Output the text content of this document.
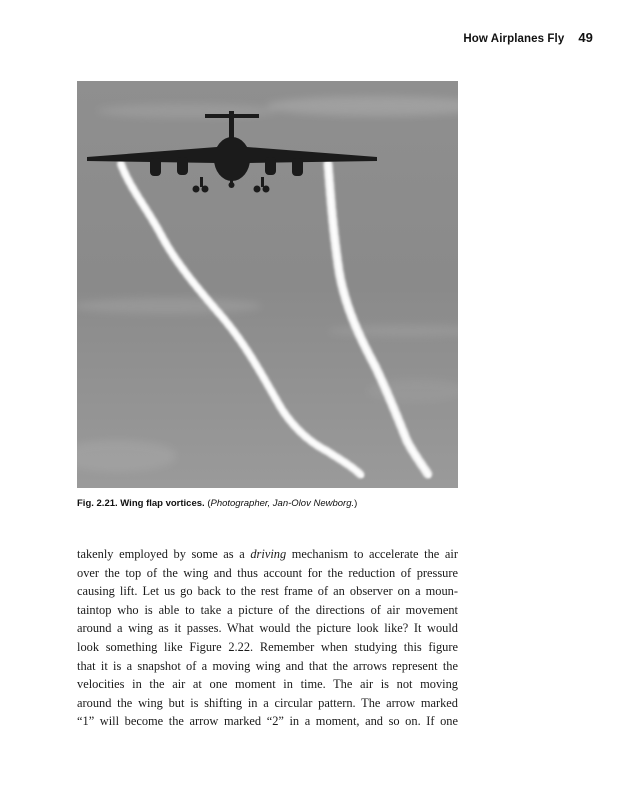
How Airplanes Fly 49
Fig. 2.21. Wing flap vortices. (Photographer, Jan-Olov Newborg.)
takenly employed by some as a driving mechanism to accelerate the air
over the top of the wing and thus account for the reduction of pressure
causing lift. Let us go back to the rest frame of an observer on a moun-
taintop who is able to take a picture of the directions of air movement
around a wing as it passes. What would the picture look like? It would
look something like Figure 2.22. Remember when studying this figure
that it is a snapshot of a moving wing and that the arrows represent the
velocities in the air at one moment in time. The air is not moving
around the wing but is shifting in a circular pattern. The arrow marked
“1” will become the arrow marked “2” in a moment, and so on. If one
